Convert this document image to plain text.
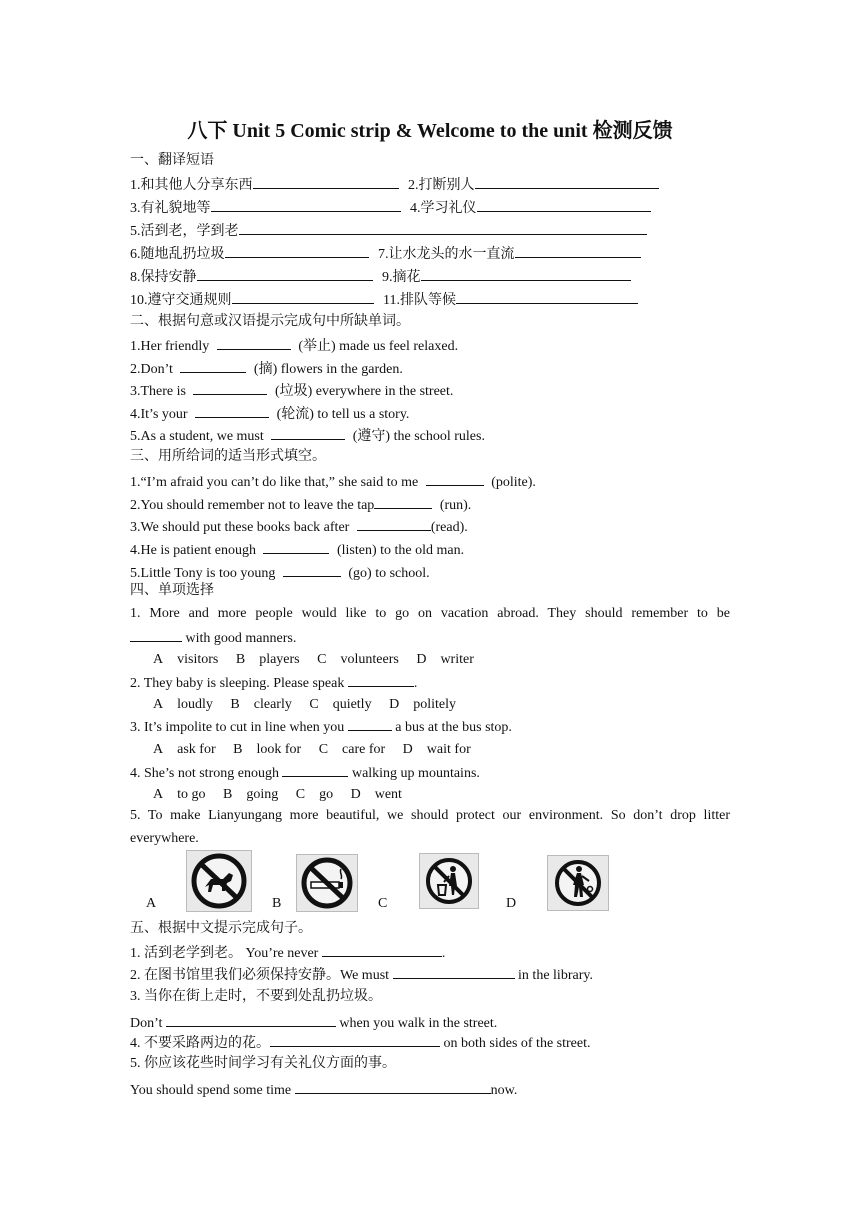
八下 Unit 5 Comic strip & Welcome to the unit 检测反馈
一、翻译短语
1.和其他人分享东西	2.打断别人
3.有礼貌地等	4.学习礼仪
5.活到老，学到老
6.随地乱扔垃圾	7.让水龙头的水一直流
8.保持安静	9.摘花
10.遵守交通规则	11.排队等候
二、根据句意或汉语提示完成句中所缺单词。
1.Her friendly	(举止) made us feel relaxed.
2.Don’t	(摘) flowers in the garden.
3.There is	(垃圾) everywhere in the street.
4.It’s your	(轮流) to tell us a story.
5.As a student, we must	(遵守) the school rules.
三、用所给词的适当形式填空。
1.“I’m afraid you can’t do like that,” she said to me	(polite).
2.You should remember not to leave the tap	(run).
3.We should put these books back after	(read).
4.He is patient enough	(listen) to the old man.
5.Little Tony is too young	(go) to school.
四、单项选择
1. More and more people would like to go on vacation abroad. They should remember to be
with good manners.
A visitors B players C volunteers D writer
2. They baby is sleeping. Please speak	.
A loudly B clearly C quietly D politely
3. It’s impolite to cut in line when you	a bus at the bus stop.
A ask for B look for C care for D wait for
4. She’s not strong enough	walking up mountains.
A to go B going C go D went
5. To make Lianyungang more beautiful, we should protect our environment. So don’t drop litter
everywhere.
A	B	C	D
五、根据中文提示完成句子。
1. 活到老学到老。 You’re never	.
2. 在图书馆里我们必须保持安静。We must	in the library.
3. 当你在街上走时，不要到处乱扔垃圾。
Don’t	when you walk in the street.
4. 不要采路两边的花。	on both sides of the street.
5. 你应该花些时间学习有关礼仪方面的事。
You should spend some time	now.
